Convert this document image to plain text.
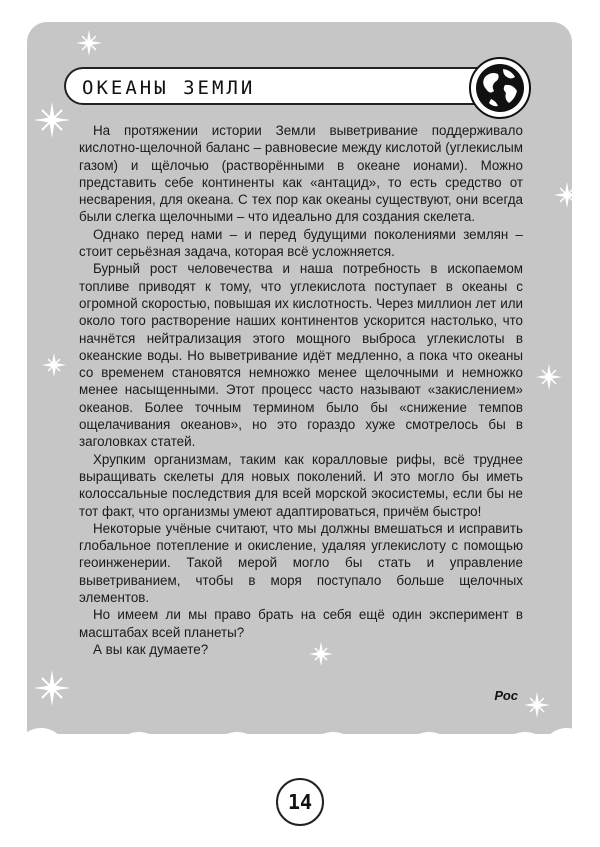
ОКЕАНЫ ЗЕМЛИ

На протяжении истории Земли выветривание поддерживало кислотно-щелочной баланс – равновесие между кислотой (углекислым газом) и щёлочью (растворёнными в океане ионами). Можно представить себе континенты как «антацид», то есть средство от несварения, для океана. С тех пор как океаны существуют, они всегда были слегка щелочными – что идеально для создания скелета.

Однако перед нами – и перед будущими поколениями землян – стоит серьёзная задача, которая всё усложняется.

Бурный рост человечества и наша потребность в ископаемом топливе приводят к тому, что углекислота поступает в океаны с огромной скоростью, повышая их кислотность. Через миллион лет или около того растворение наших континентов ускорится настолько, что начнётся нейтрализация этого мощного выброса углекислоты в океанские воды. Но выветривание идёт медленно, а пока что океаны со временем становятся немножко менее щелочными и немножко менее насыщенными. Этот процесс часто называют «закислением» океанов. Более точным термином было бы «снижение темпов ощелачивания океанов», но это гораздо хуже смотрелось бы в заголовках статей.

Хрупким организмам, таким как коралловые рифы, всё труднее выращивать скелеты для новых поколений. И это могло бы иметь колоссальные последствия для всей морской экосистемы, если бы не тот факт, что организмы умеют адаптироваться, причём быстро!

Некоторые учёные считают, что мы должны вмешаться и исправить глобальное потепление и окисление, удаляя углекислоту с помощью геоинженерии. Такой мерой могло бы стать и управление выветриванием, чтобы в моря поступало больше щелочных элементов.

Но имеем ли мы право брать на себя ещё один эксперимент в масштабах всей планеты?

А вы как думаете?

Рос
14
